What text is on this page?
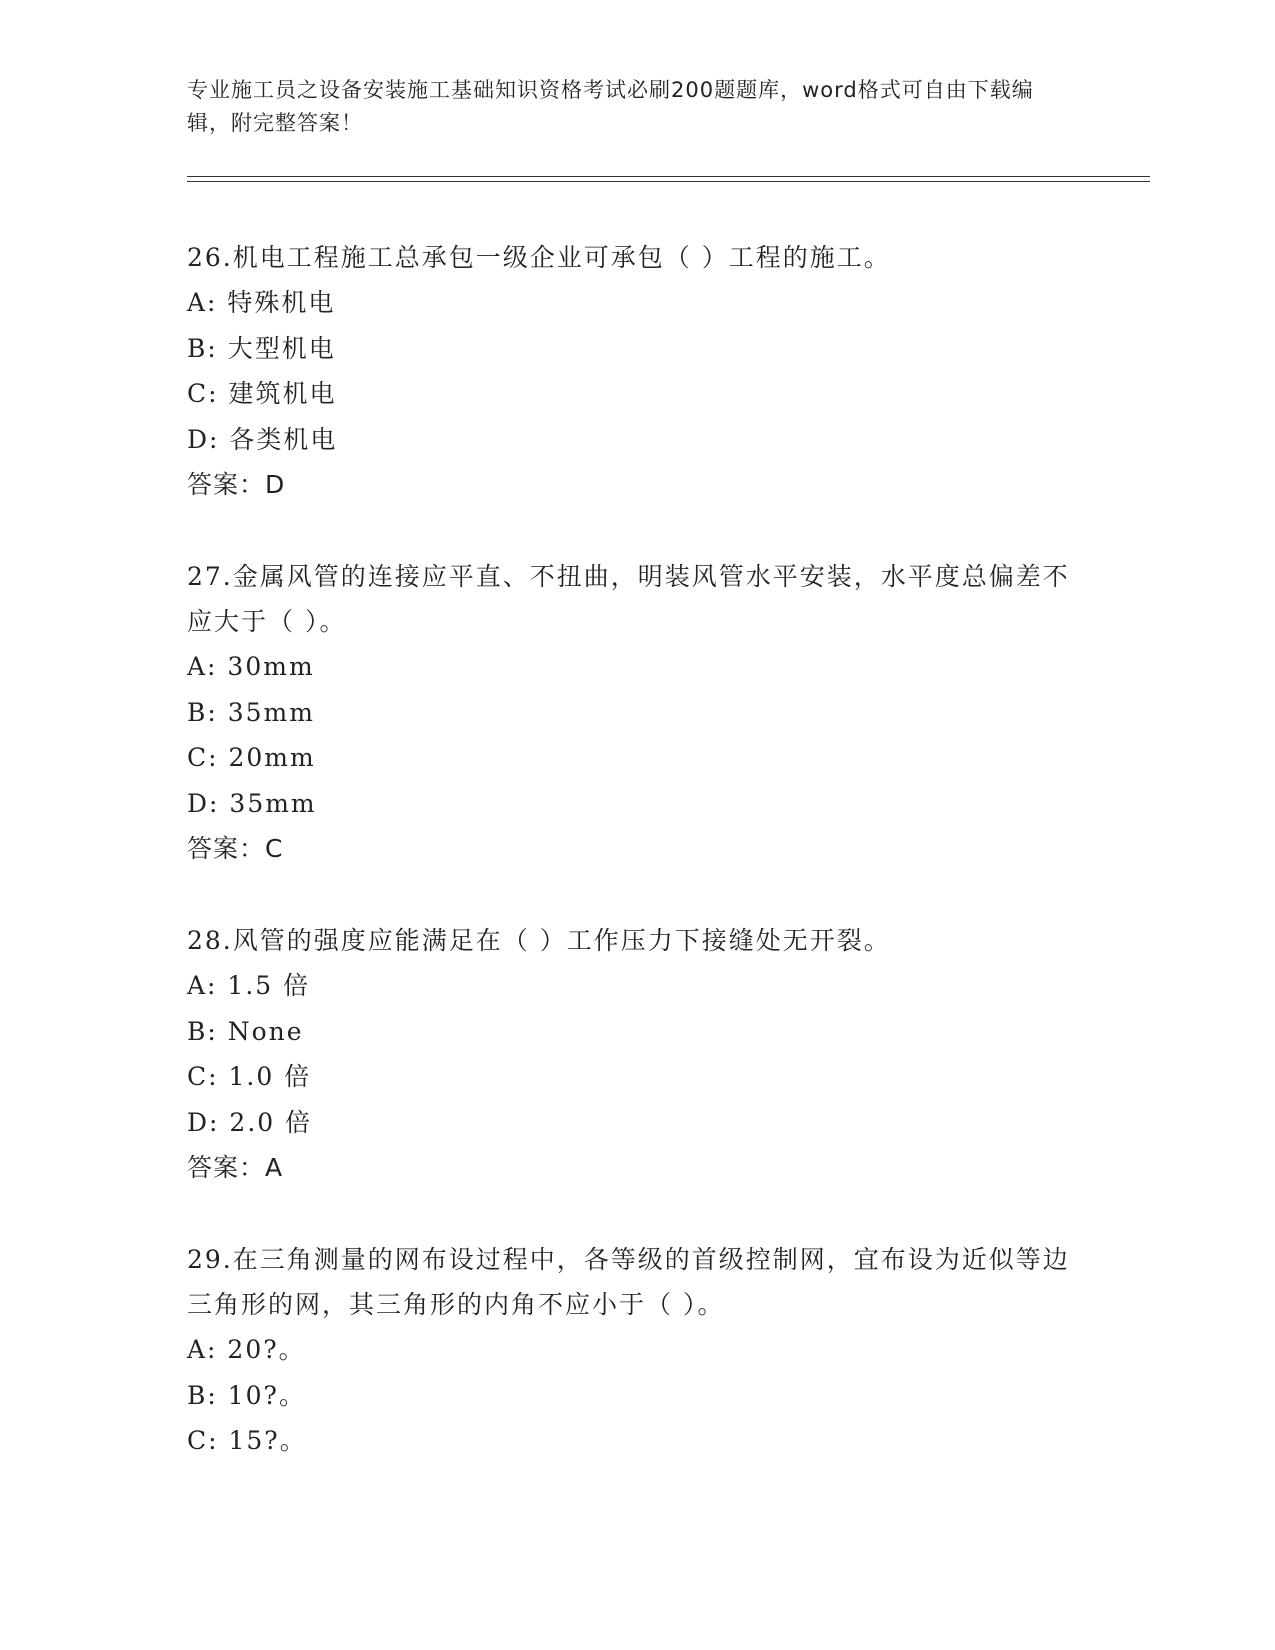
专业施工员之设备安装施工基础知识资格考试必刷200题题库，word格式可自由下载编辑，附完整答案！

26.机电工程施工总承包一级企业可承包（ ）工程的施工。

A: 特殊机电

B: 大型机电

C: 建筑机电

D: 各类机电

答案：D

27.金属风管的连接应平直、不扭曲，明装风管水平安装，水平度总偏差不应大于（ ）。

A: 30mm

B: 35mm

C: 20mm

D: 35mm

答案：C

28.风管的强度应能满足在（ ）工作压力下接缝处无开裂。

A: 1.5 倍

B: None

C: 1.0 倍

D: 2.0 倍

答案：A

29.在三角测量的网布设过程中，各等级的首级控制网，宜布设为近似等边三角形的网，其三角形的内角不应小于（ ）。

A: 20?。

B: 10?。

C: 15?。
